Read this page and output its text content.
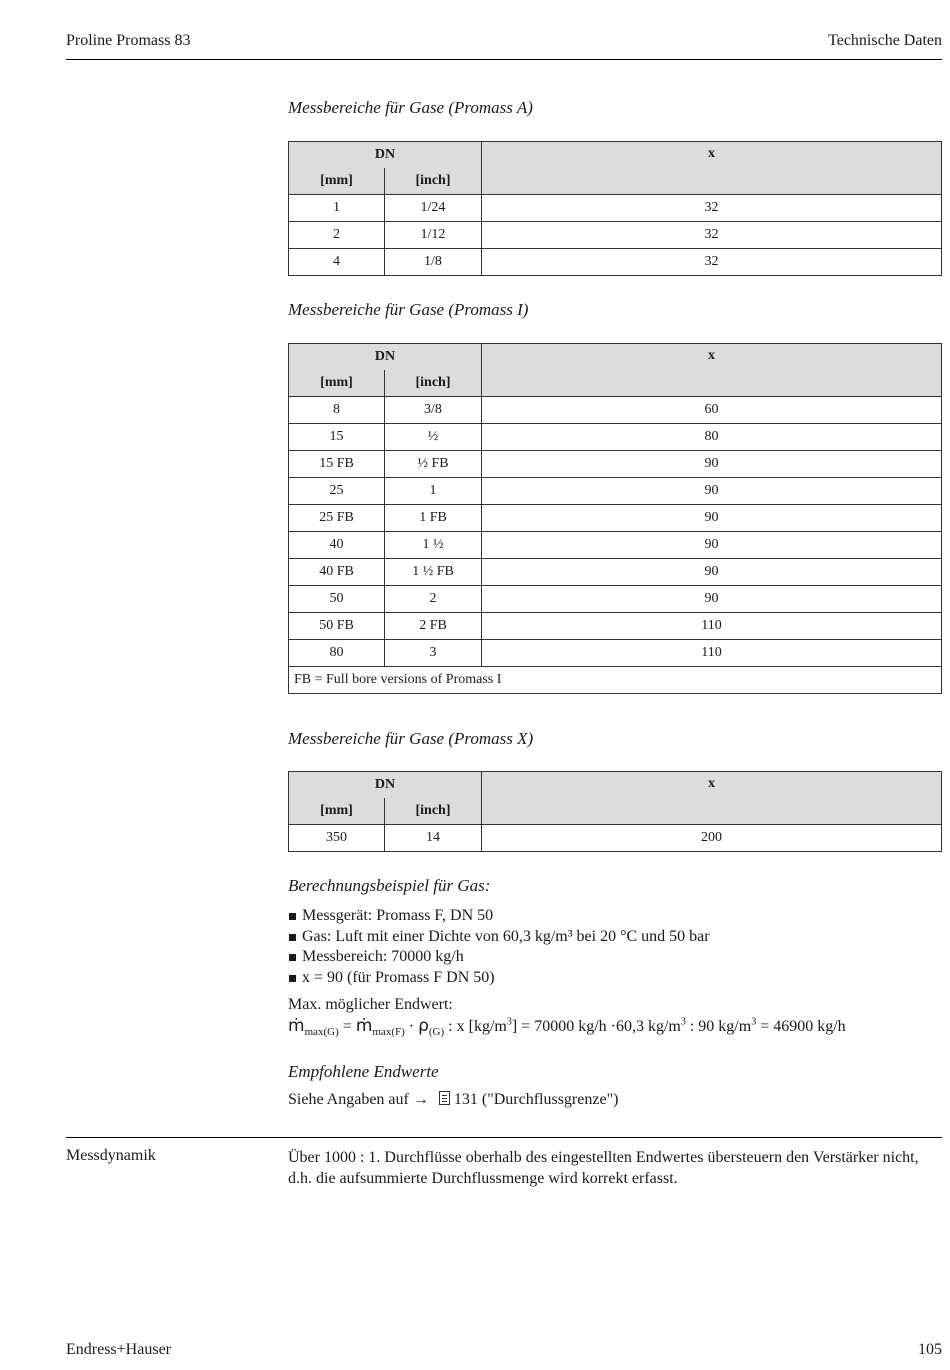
Proline Promass 83	Technische Daten
Messbereiche für Gase (Promass A)
DN		x
[mm]	[inch]	
1	1/24	32
2	1/12	32
4	1/8	32
Messbereiche für Gase (Promass I)
DN		x
[mm]	[inch]	
8	3/8	60
15	½	80
15 FB	½ FB	90
25	1	90
25 FB	1 FB	90
40	1 ½	90
40 FB	1 ½ FB	90
50	2	90
50 FB	2 FB	110
80	3	110
FB = Full bore versions of Promass I		
Messbereiche für Gase (Promass X)
DN		x
[mm]	[inch]	
350	14	200
Berechnungsbeispiel für Gas:
Messgerät: Promass F, DN 50
Gas: Luft mit einer Dichte von 60,3 kg/m³ bei 20 °C und 50 bar
Messbereich: 70000 kg/h
x = 90 (für Promass F DN 50)
Max. möglicher Endwert:
ṁ$_{max(G)}$ = ṁ$_{max(F)}$ · $\rho_{(G)}$ : x $[kg/m^3] = 70000$ kg/h ·60,3 $kg/m^3$ : 90 $kg/m^3 = 46900$ kg/h
Empfohlene Endwerte
Siehe Angaben auf → 131 ("Durchflussgrenze")
Messdynamik	Über 1000 : 1. Durchflüsse oberhalb des eingestellten Endwertes übersteuern den Verstärker nicht, d.h. die aufsummierte Durchflussmenge wird korrekt erfasst.
Endress+Hauser	105
